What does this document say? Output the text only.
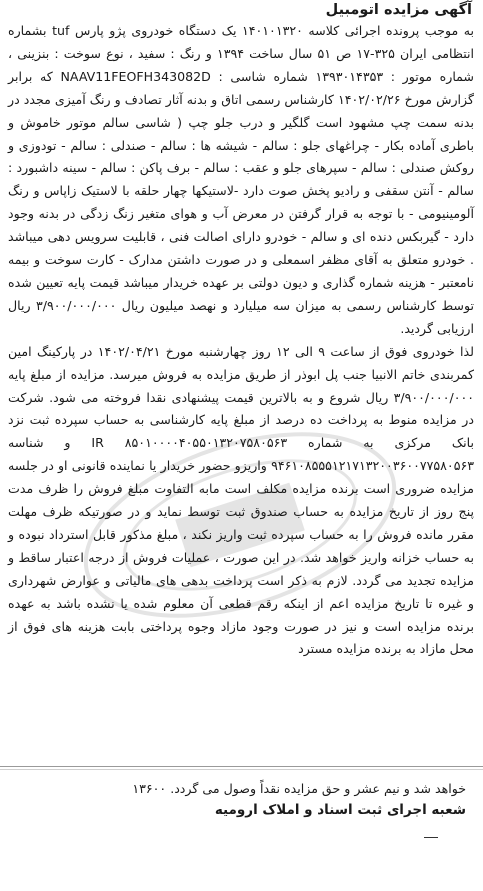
آگهی مزایده اتومبیل

به موجب پرونده اجرائی کلاسه ۱۴۰۱۰۱۳۲۰ یک دستگاه خودروی پژو پارس tuf بشماره انتظامی ایران ۳۲۵-۱۷ ص ۵۱ سال ساخت ۱۳۹۴ و رنگ : سفید ، نوع سوخت : بنزینی ، شماره موتور : ۱۳۹۳۰۱۴۳۵۳ شماره شاسی : NAAV11FEOFH343082D که برابر گزارش مورخ ۱۴۰۲/۰۲/۲۶ کارشناس رسمی اتاق و بدنه آثار تصادف و رنگ آمیزی مجدد در بدنه سمت چپ مشهود است گلگیر و درب جلو چپ ( شاسی سالم موتور خاموش و باطری آماده بکار - چراغهای جلو : سالم - شیشه ها : سالم - صندلی : سالم - تودوزی و روکش صندلی : سالم - سپرهای جلو و عقب : سالم - برف پاکن : سالم - سینه داشبورد : سالم - آنتن سقفی و رادیو پخش صوت دارد -لاستیکها چهار حلقه با لاستیک زاپاس و رنگ آلومینیومی - با توجه به قرار گرفتن در معرض آب و هوای متغیر زنگ زدگی در بدنه وجود دارد - گیربکس دنده ای و سالم - خودرو دارای اصالت فنی ، قابلیت سرویس دهی میباشد . خودرو متعلق به آقای مظفر اسمعلی و در صورت داشتن مدارک - کارت سوخت و بیمه نامعتبر - هزینه شماره گذاری و دیون دولتی بر عهده خریدار میباشد قیمت پایه تعیین شده توسط کارشناس رسمی به میزان سه میلیارد و نهصد میلیون ریال ۳/۹۰۰/۰۰۰/۰۰۰ ریال ارزیابی گردید.

لذا خودروی فوق از ساعت ۹ الی ۱۲ روز چهارشنبه مورخ ۱۴۰۲/۰۴/۲۱ در پارکینگ امین کمربندی خاتم الانبیا جنب پل ابوذر از طریق مزایده به فروش میرسد. مزایده از مبلغ پایه ۳/۹۰۰/۰۰۰/۰۰۰ ریال شروع و به بالاترین قیمت پیشنهادی نقدا فروخته می شود. شرکت در مزایده منوط به پرداخت ده درصد از مبلغ پایه کارشناسی به حساب سپرده ثبت نزد بانک مرکزی به شماره ۸۵۰۱۰۰۰۰۴۰۵۵۰۱۳۲۰۷۵۸۰۵۶۳ IR و شناسه ۹۴۶۱۰۸۵۵۵۱۲۱۷۱۳۲۰۰۳۶۰۰۷۷۵۸۰۵۶۳ واریزو حضور خریدار یا نماینده قانونی او در جلسه مزایده ضروری است برنده مزایده مکلف است مابه التفاوت مبلغ فروش را ظرف مدت پنج روز از تاریخ مزایده به حساب صندوق ثبت توسط نماید و در صورتیکه ظرف مهلت مقرر مانده فروش را به حساب سپرده ثبت واریز نکند ، مبلغ مذکور قابل استرداد نبوده و به حساب خزانه واریز خواهد شد. در این صورت ، عملیات فروش از درجه اعتبار ساقط و مزایده تجدید می گردد. لازم به ذکر است پرداخت بدهی های مالیاتی و عوارض شهرداری و غیره تا تاریخ مزایده اعم از اینکه رقم قطعی آن معلوم شده یا نشده باشد به عهده برنده مزایده است و نیز در صورت وجود مازاد وجوه پرداختی بابت هزینه های فوق از محل مازاد به برنده مزایده مسترد

خواهد شد و نیم عشر و حق مزایده نقداً وصول می گردد. ۱۳۶۰۰

شعبه اجرای ثبت اسناد و املاک ارومیه
